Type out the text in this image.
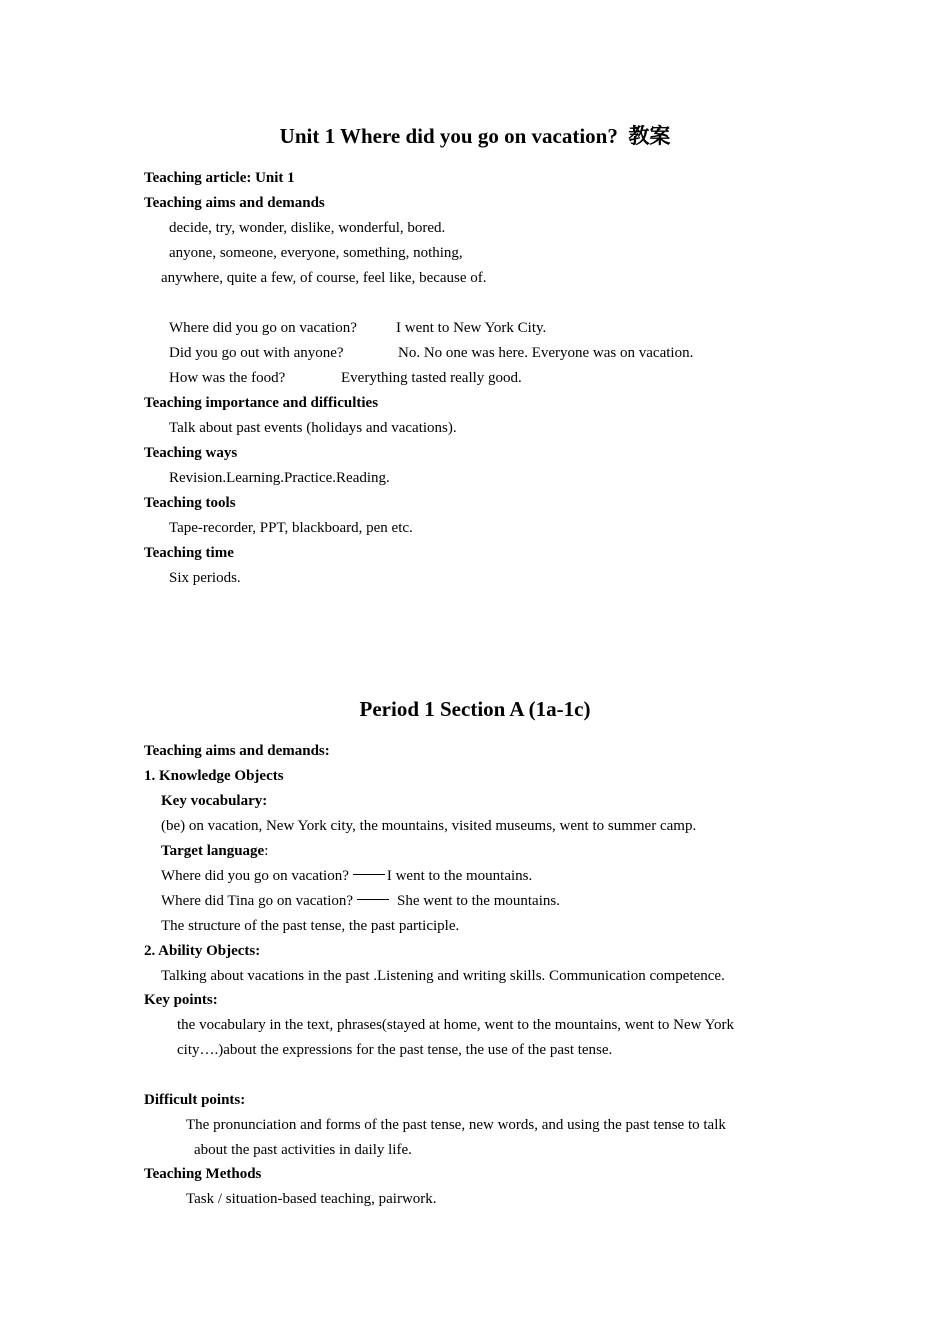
Unit 1 Where did you go on vacation?  教案
Teaching article: Unit 1
Teaching aims and demands
decide, try, wonder, dislike, wonderful, bored.
anyone, someone, everyone, something, nothing,
anywhere, quite a few, of course, feel like, because of.
Where did you go on vacation?	I went to New York City.
Did you go out with anyone?	No. No one was here. Everyone was on vacation.
How was the food?	Everything tasted really good.
Teaching importance and difficulties
Talk about past events (holidays and vacations).
Teaching ways
Revision.Learning.Practice.Reading.
Teaching tools
Tape-recorder, PPT, blackboard, pen etc.
Teaching time
Six periods.
Period 1 Section A (1a-1c)
Teaching aims and demands:
1. Knowledge Objects
Key vocabulary:
(be) on vacation, New York city, the mountains, visited museums, went to summer camp.
Target language:
Where did you go on vacation?	I went to the mountains.
Where did Tina go on vacation?	She went to the mountains.
The structure of the past tense, the past participle.
2. Ability Objects:
Talking about vacations in the past .Listening and writing skills. Communication competence.
Key points:
the vocabulary in the text, phrases(stayed at home, went to the mountains, went to New York
city….)about the expressions for the past tense, the use of the past tense.
Difficult points:
The pronunciation and forms of the past tense, new words, and using the past tense to talk
about the past activities in daily life.
Teaching Methods
Task / situation-based teaching, pairwork.
